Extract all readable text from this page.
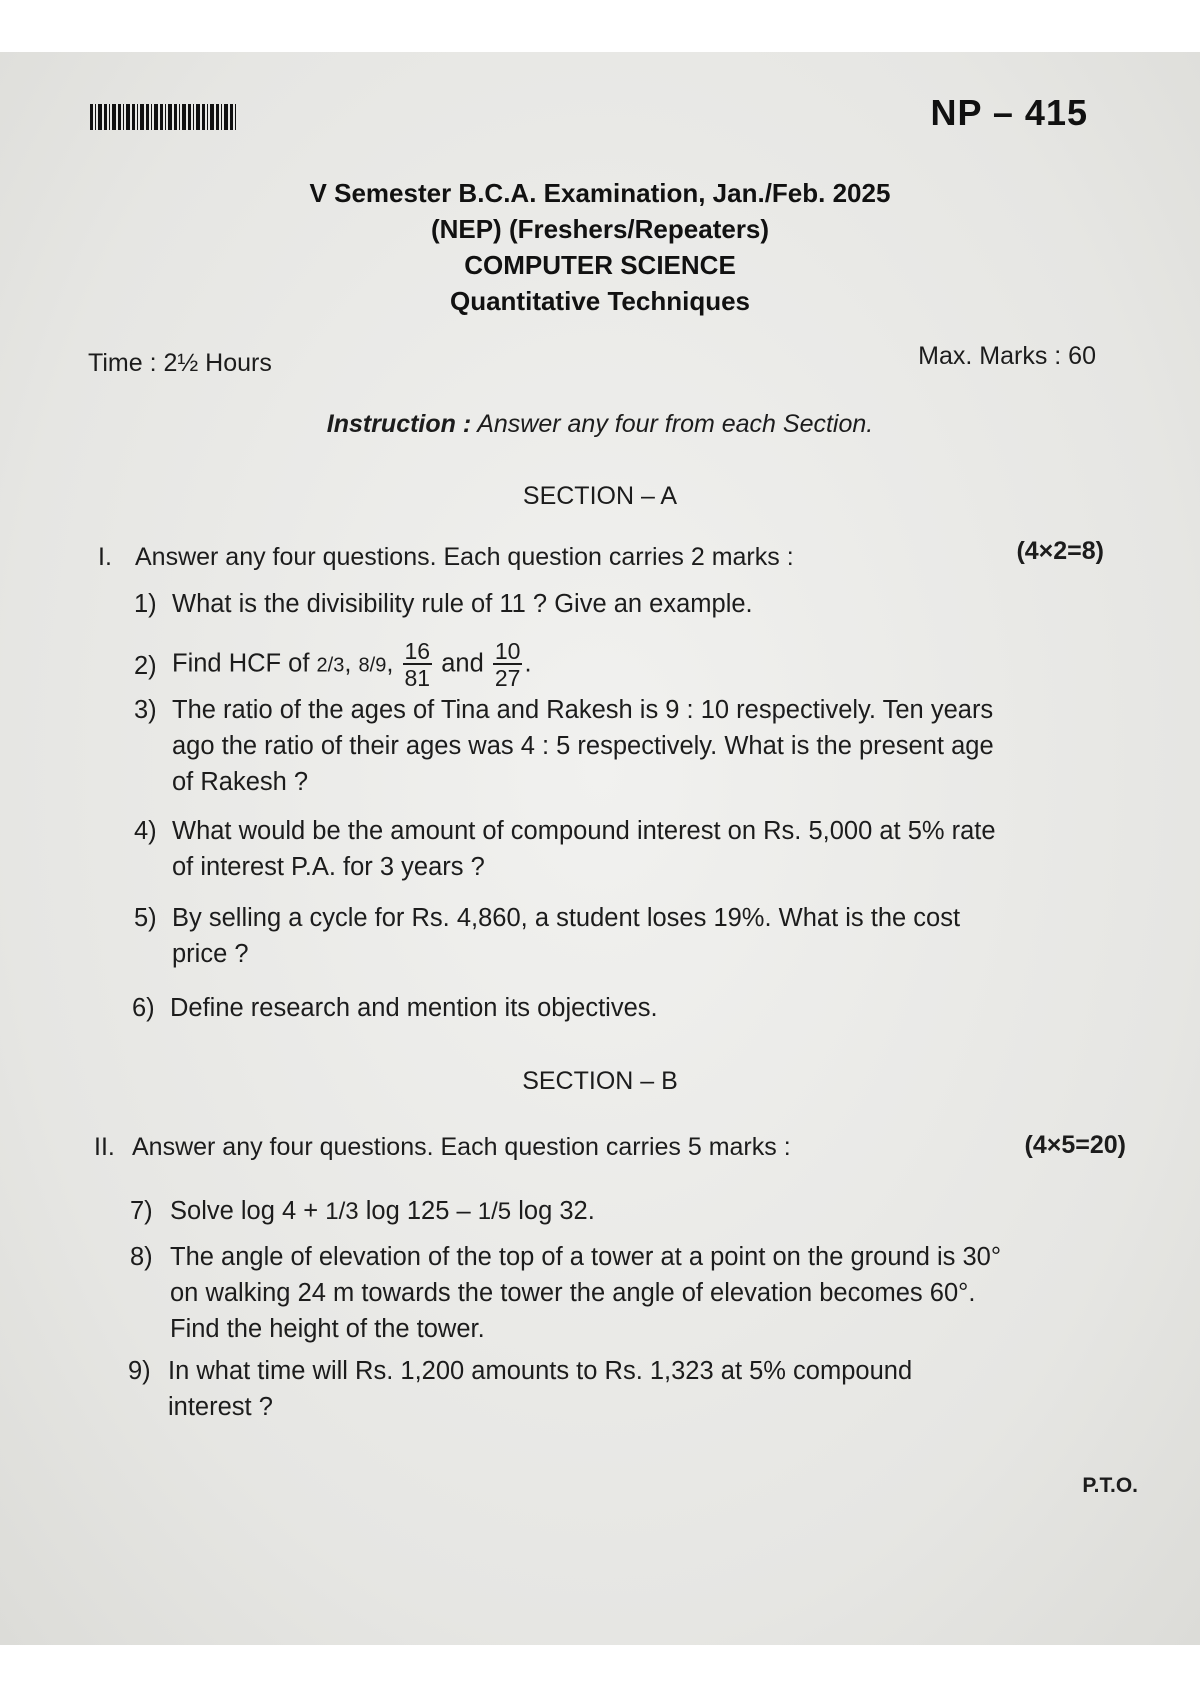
NP – 415
V Semester B.C.A. Examination, Jan./Feb. 2025
(NEP) (Freshers/Repeaters)
COMPUTER SCIENCE
Quantitative Techniques
Time : 2½ Hours	Max. Marks : 60
Instruction : Answer any four from each Section.
SECTION – A
I. Answer any four questions. Each question carries 2 marks :	(4×2=8)
1) What is the divisibility rule of 11 ? Give an example.
2) Find HCF of 2/3, 8/9, $\frac{16}{81}$ and $\frac{10}{27}$ .
3) The ratio of the ages of Tina and Rakesh is 9 : 10 respectively. Ten years
ago the ratio of their ages was 4 : 5 respectively. What is the present age
of Rakesh ?
4) What would be the amount of compound interest on Rs. 5,000 at 5% rate
of interest P.A. for 3 years ?
5) By selling a cycle for Rs. 4,860, a student loses 19%. What is the cost
price ?
6) Define research and mention its objectives.
SECTION – B
II. Answer any four questions. Each question carries 5 marks :	(4×5=20)
7) Solve log 4 + 1/3 log 125 – 1/5 log 32.
8) The angle of elevation of the top of a tower at a point on the ground is 30°
on walking 24 m towards the tower the angle of elevation becomes 60°.
Find the height of the tower.
9) In what time will Rs. 1,200 amounts to Rs. 1,323 at 5% compound
interest ?
P.T.O.
